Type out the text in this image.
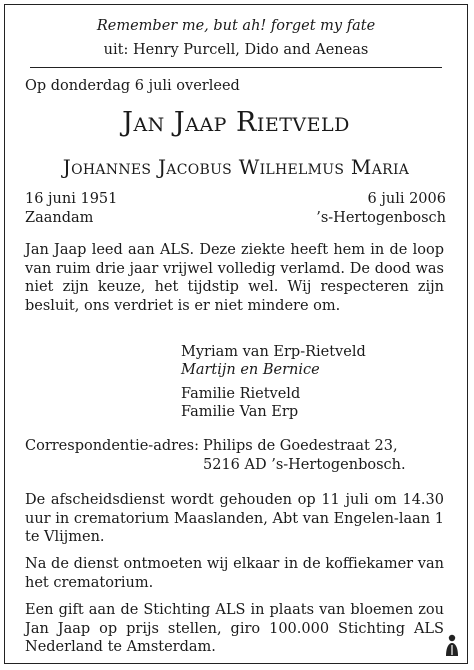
Remember me, but ah! forget my fate
uit: Henry Purcell, Dido and Aeneas
Op donderdag 6 juli overleed
Jan Jaap Rietveld
Johannes Jacobus Wilhelmus Maria
16 juni 1951
Zaandam
6 juli 2006
’s-Hertogenbosch
Jan Jaap leed aan ALS. Deze ziekte heeft hem in de loop van ruim drie jaar vrijwel volledig verlamd. De dood was niet zijn keuze, het tijdstip wel. Wij respecteren zijn besluit, ons verdriet is er niet mindere om.
Myriam van Erp-Rietveld
Martijn en Bernice
Familie Rietveld
Familie Van Erp
Correspondentie-adres: Philips de Goedestraat 23,
5216 AD ’s-Hertogenbosch.
De afscheidsdienst wordt gehouden op 11 juli om 14.30 uur in crematorium Maaslanden, Abt van Engelen-laan 1 te Vlijmen.
Na de dienst ontmoeten wij elkaar in de koffiekamer van het crematorium.
Een gift aan de Stichting ALS in plaats van bloemen zou Jan Jaap op prijs stellen, giro 100.000 Stichting ALS Nederland te Amsterdam.
